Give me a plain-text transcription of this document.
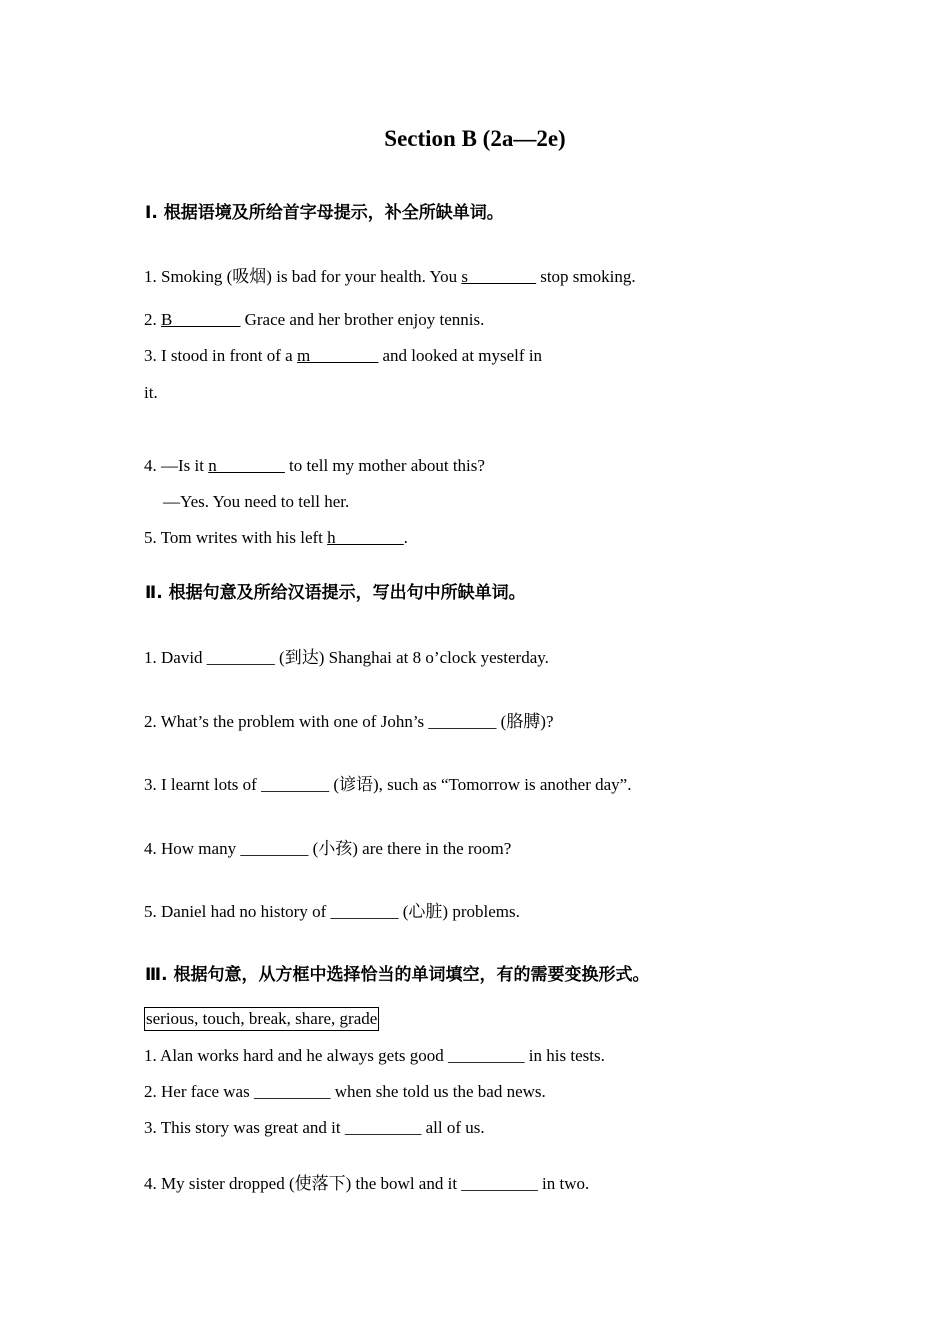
Section B (2a—2e)
Ⅰ. 根据语境及所给首字母提示，补全所缺单词。
1. Smoking (吸烟) is bad for your health. You s________ stop smoking.
2. B________ Grace and her brother enjoy tennis.
3. I stood in front of a m________ and looked at myself in
it.
4. —Is it n________ to tell my mother about this?
—Yes. You need to tell her.
5. Tom writes with his left h________.
Ⅱ. 根据句意及所给汉语提示，写出句中所缺单词。
1. David ________ (到达) Shanghai at 8 o’clock yesterday.
2. What’s the problem with one of John’s ________ (胳膊)?
3. I learnt lots of ________ (谚语), such as “Tomorrow is another day”.
4. How many ________ (小孩) are there in the room?
5. Daniel had no history of ________ (心脏) problems.
Ⅲ. 根据句意，从方框中选择恰当的单词填空，有的需要变换形式。
serious, touch, break, share, grade
1. Alan works hard and he always gets good _________ in his tests.
2. Her face was _________ when she told us the bad news.
3. This story was great and it _________ all of us.
4. My sister dropped (使落下) the bowl and it _________ in two.
